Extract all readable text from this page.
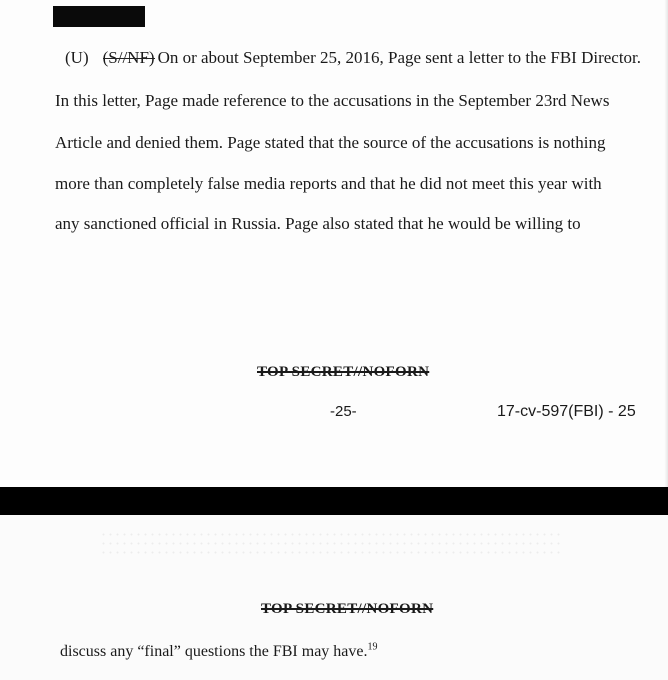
(U) (S//NF) On or about September 25, 2016, Page sent a letter to the FBI Director.
In this letter, Page made reference to the accusations in the September 23rd News
Article and denied them. Page stated that the source of the accusations is nothing
more than completely false media reports and that he did not meet this year with
any sanctioned official in Russia. Page also stated that he would be willing to
TOP SECRET//NOFORN
-25-	17-cv-597(FBI) - 25
TOP SECRET//NOFORN
discuss any “final” questions the FBI may have.$^{19}$
